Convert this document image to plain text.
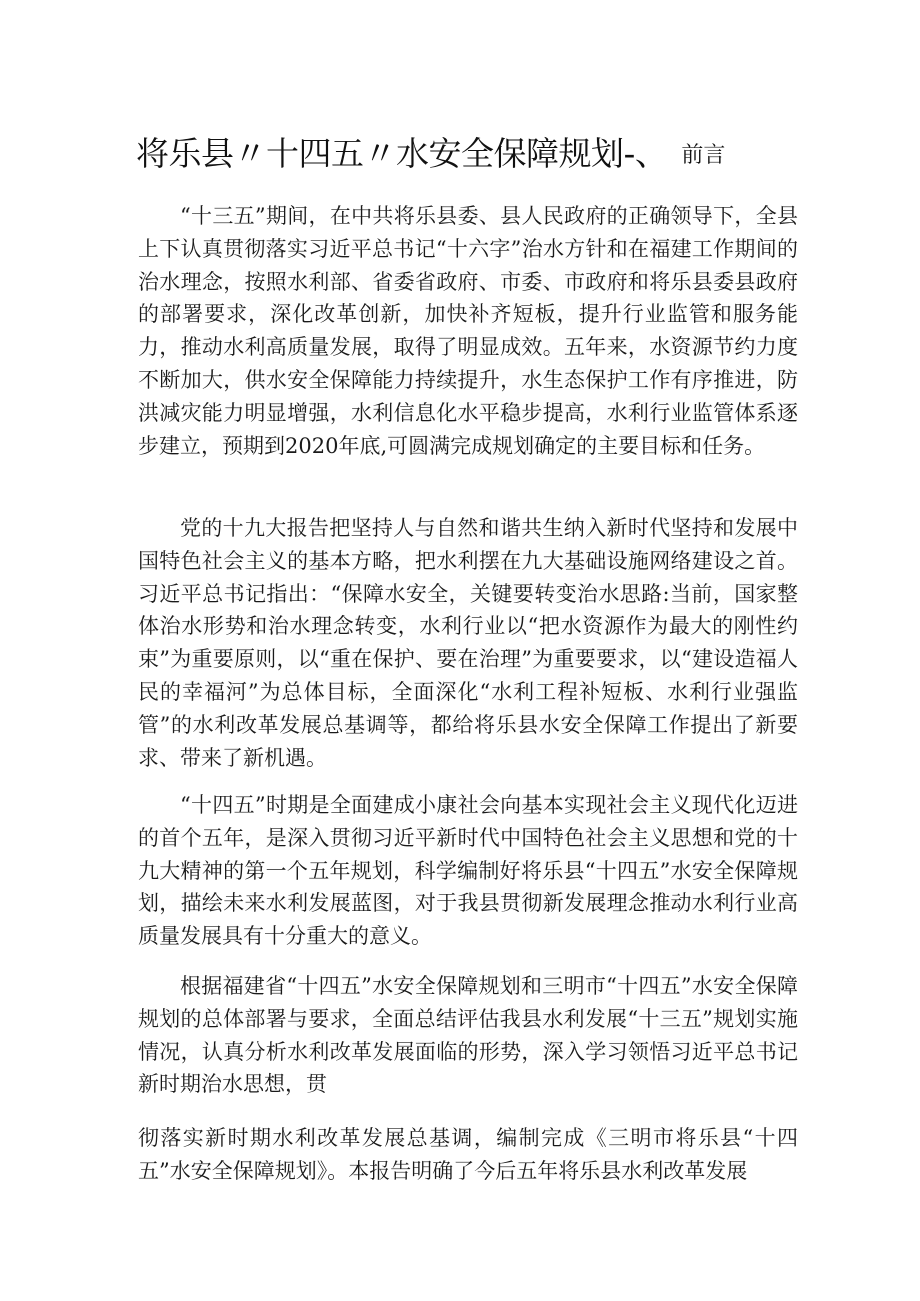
将乐县〃十四五〃水安全保障规划-、 前言

“十三五”期间，在中共将乐县委、县人民政府的正确领导下，全县上下认真贯彻落实习近平总书记“十六字”治水方针和在福建工作期间的治水理念，按照水利部、省委省政府、市委、市政府和将乐县委县政府的部署要求，深化改革创新，加快补齐短板，提升行业监管和服务能力，推动水利高质量发展，取得了明显成效。五年来，水资源节约力度不断加大，供水安全保障能力持续提升，水生态保护工作有序推进，防洪减灾能力明显增强，水利信息化水平稳步提高，水利行业监管体系逐步建立，预期到2020年底,可圆满完成规划确定的主要目标和任务。

党的十九大报告把坚持人与自然和谐共生纳入新时代坚持和发展中国特色社会主义的基本方略，把水利摆在九大基础设施网络建设之首。习近平总书记指出：“保障水安全，关键要转变治水思路:当前，国家整体治水形势和治水理念转变，水利行业以“把水资源作为最大的刚性约束”为重要原则，以“重在保护、要在治理”为重要要求，以“建设造福人民的幸福河”为总体目标，全面深化“水利工程补短板、水利行业强监管”的水利改革发展总基调等，都给将乐县水安全保障工作提出了新要求、带来了新机遇。

“十四五”时期是全面建成小康社会向基本实现社会主义现代化迈进的首个五年，是深入贯彻习近平新时代中国特色社会主义思想和党的十九大精神的第一个五年规划，科学编制好将乐县“十四五”水安全保障规划，描绘未来水利发展蓝图，对于我县贯彻新发展理念推动水利行业高质量发展具有十分重大的意义。

根据福建省“十四五”水安全保障规划和三明市“十四五”水安全保障规划的总体部署与要求，全面总结评估我县水利发展“十三五”规划实施情况，认真分析水利改革发展面临的形势，深入学习领悟习近平总书记新时期治水思想，贯

彻落实新时期水利改革发展总基调，编制完成《三明市将乐县“十四五”水安全保障规划》。本报告明确了今后五年将乐县水利改革发展
